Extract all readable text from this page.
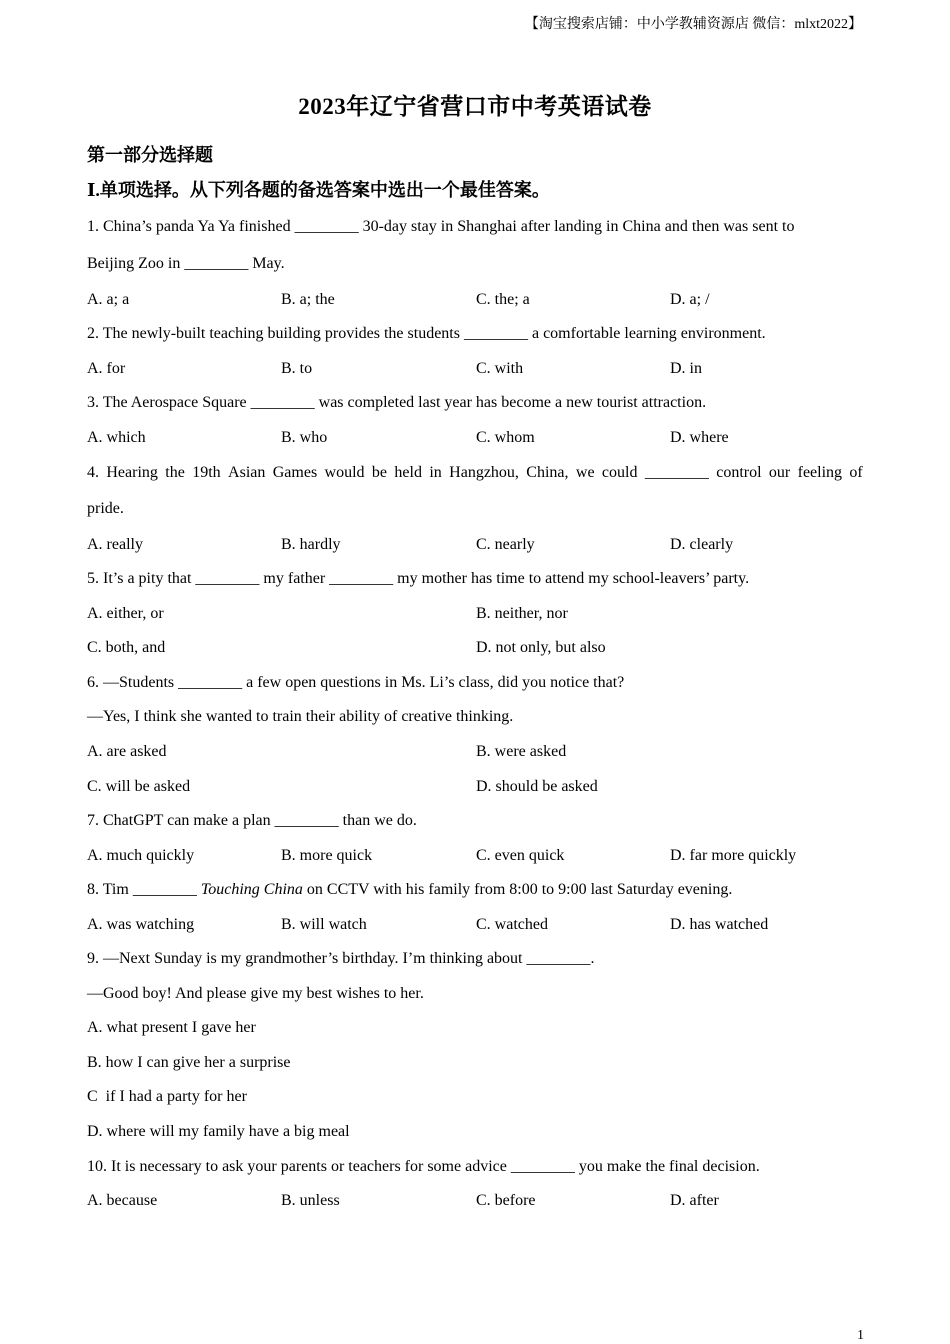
【淘宝搜索店铺：中小学教辅资源店 微信：mlxt2022】
2023年辽宁省营口市中考英语试卷
第一部分选择题
Ⅰ.单项选择。从下列各题的备选答案中选出一个最佳答案。
1. China’s panda Ya Ya finished ________ 30-day stay in Shanghai after landing in China and then was sent to
Beijing Zoo in ________ May.
A. a; a	B. a; the	C. the; a	D. a; /
2. The newly-built teaching building provides the students ________ a comfortable learning environment.
A. for	B. to	C. with	D. in
3. The Aerospace Square ________ was completed last year has become a new tourist attraction.
A. which	B. who	C. whom	D. where
4. Hearing the 19th Asian Games would be held in Hangzhou, China, we could ________ control our feeling of
pride.
A. really	B. hardly	C. nearly	D. clearly
5. It’s a pity that ________ my father ________ my mother has time to attend my school-leavers’ party.
A. either, or	B. neither, nor
C. both, and	D. not only, but also
6. —Students ________ a few open questions in Ms. Li’s class, did you notice that?
—Yes, I think she wanted to train their ability of creative thinking.
A. are asked	B. were asked
C. will be asked	D. should be asked
7. ChatGPT can make a plan ________ than we do.
A. much quickly	B. more quick	C. even quick	D. far more quickly
8. Tim ________ Touching China on CCTV with his family from 8:00 to 9:00 last Saturday evening.
A. was watching	B. will watch	C. watched	D. has watched
9. —Next Sunday is my grandmother’s birthday. I’m thinking about ________.
—Good boy! And please give my best wishes to her.
A. what present I gave her
B. how I can give her a surprise
C  if I had a party for her
D. where will my family have a big meal
10. It is necessary to ask your parents or teachers for some advice ________ you make the final decision.
A. because	B. unless	C. before	D. after
1
